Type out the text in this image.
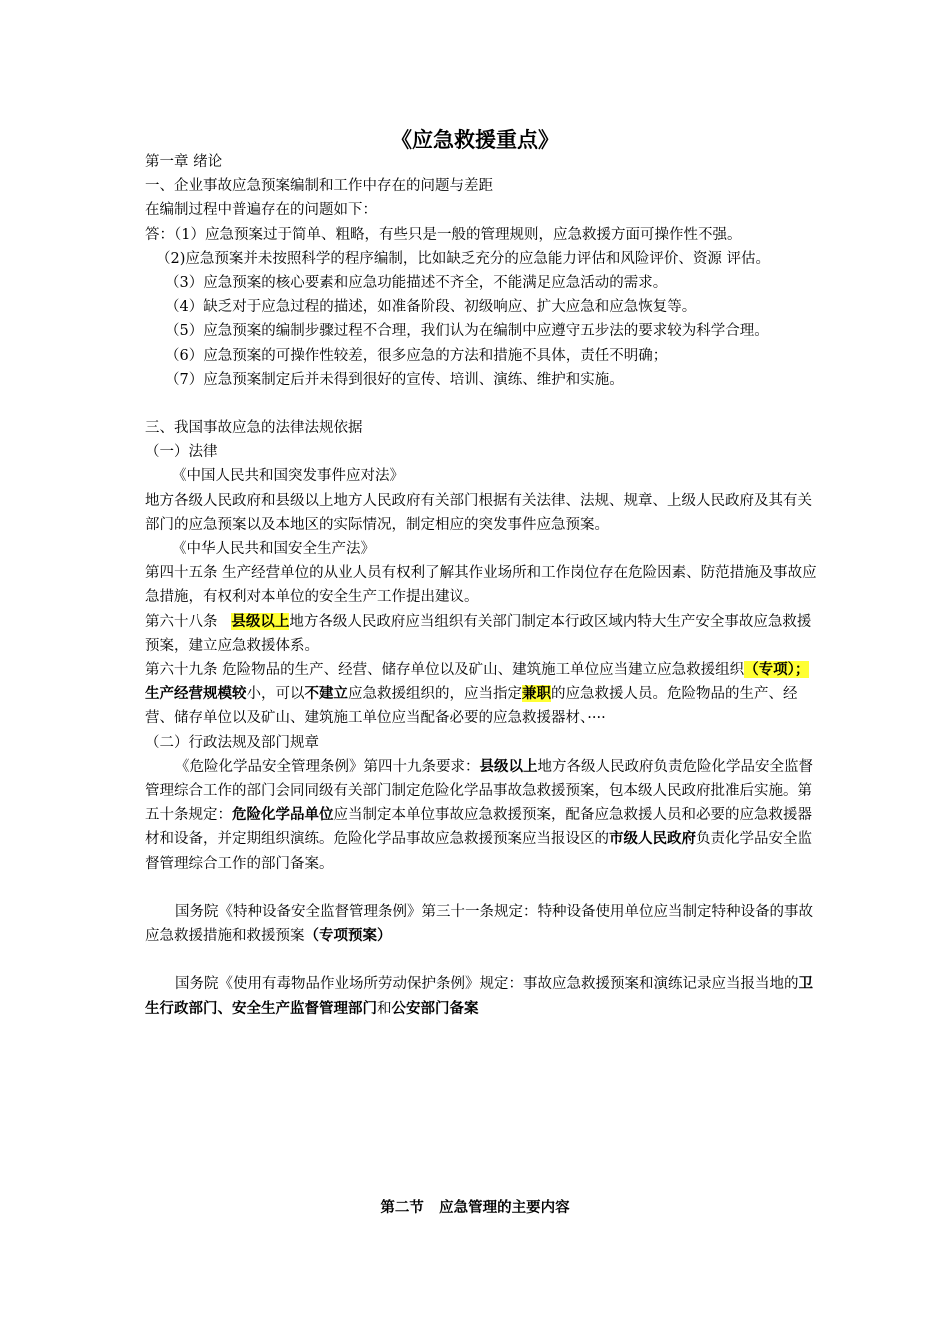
《应急救援重点》

第一章 绪论

一、企业事故应急预案编制和工作中存在的问题与差距

在编制过程中普遍存在的问题如下：

答：（1）应急预案过于简单、粗略，有些只是一般的管理规则，应急救援方面可操作性不强。

（2)应急预案并未按照科学的程序编制，比如缺乏充分的应急能力评估和风险评价、资源 评估。

（3）应急预案的核心要素和应急功能描述不齐全，不能满足应急活动的需求。

（4）缺乏对于应急过程的描述，如准备阶段、初级响应、扩大应急和应急恢复等。

（5）应急预案的编制步骤过程不合理，我们认为在编制中应遵守五步法的要求较为科学合理。

（6）应急预案的可操作性较差，很多应急的方法和措施不具体，责任不明确；

（7）应急预案制定后并未得到很好的宣传、培训、演练、维护和实施。

三、我国事故应急的法律法规依据

（一）法律

《中国人民共和国突发事件应对法》

地方各级人民政府和县级以上地方人民政府有关部门根据有关法律、法规、规章、上级人民政府及其有关部门的应急预案以及本地区的实际情况，制定相应的突发事件应急预案。

《中华人民共和国安全生产法》

第四十五条 生产经营单位的从业人员有权利了解其作业场所和工作岗位存在危险因素、防范措施及事故应急措施，有权利对本单位的安全生产工作提出建议。

第六十八条   县级以上地方各级人民政府应当组织有关部门制定本行政区域内特大生产安全事故应急救援预案，建立应急救援体系。

第六十九条 危险物品的生产、经营、储存单位以及矿山、建筑施工单位应当建立应急救援组织（专项）；生产经营规模较小，可以不建立应急救援组织的，应当指定兼职的应急救援人员。危险物品的生产、经营、储存单位以及矿山、建筑施工单位应当配备必要的应急救援器材、····

（二）行政法规及部门规章

《危险化学品安全管理条例》第四十九条要求：县级以上地方各级人民政府负责危险化学品安全监督管理综合工作的部门会同同级有关部门制定危险化学品事故急救援预案，包本级人民政府批准后实施。第五十条规定：危险化学品单位应当制定本单位事故应急救援预案，配备应急救援人员和必要的应急救援器材和设备，并定期组织演练。危险化学品事故应急救援预案应当报设区的市级人民政府负责化学品安全监督管理综合工作的部门备案。

国务院《特种设备安全监督管理条例》第三十一条规定：特种设备使用单位应当制定特种设备的事故应急救援措施和救援预案（专项预案）

国务院《使用有毒物品作业场所劳动保护条例》规定：事故应急救援预案和演练记录应当报当地的卫生行政部门、安全生产监督管理部门和公安部门备案

第二节   应急管理的主要内容
